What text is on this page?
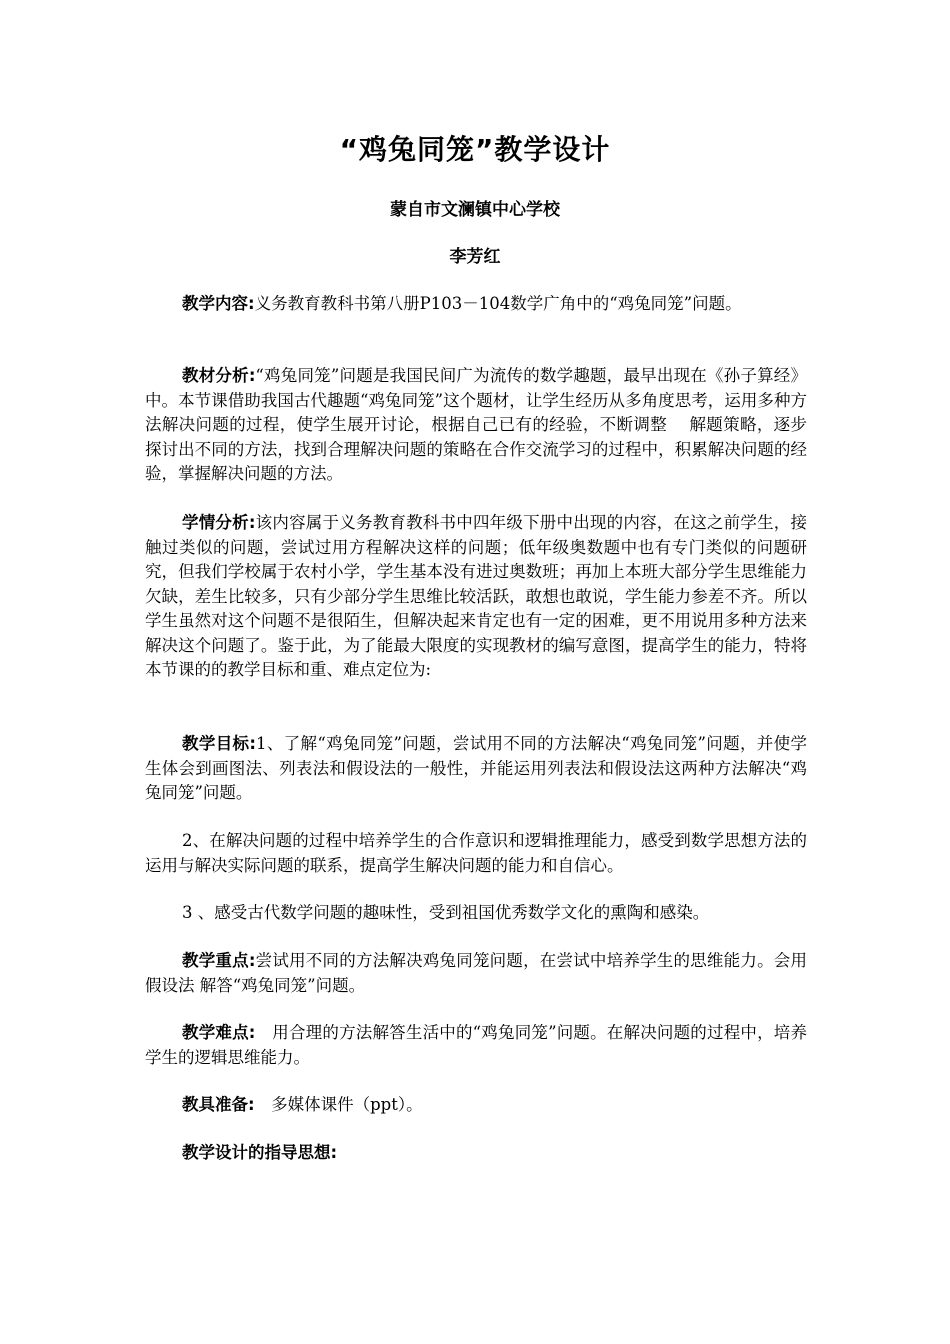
“鸡兔同笼”教学设计
蒙自市文澜镇中心学校
李芳红

教学内容:义务教育教科书第八册P103－104数学广角中的“鸡兔同笼”问题。

教材分析:“鸡兔同笼”问题是我国民间广为流传的数学趣题，最早出现在《孙子算经》中。本节课借助我国古代趣题“鸡兔同笼”这个题材，让学生经历从多角度思考，运用多种方法解决问题的过程，使学生展开讨论，根据自己已有的经验，不断调整　 解题策略，逐步探讨出不同的方法，找到合理解决问题的策略在合作交流学习的过程中，积累解决问题的经验，掌握解决问题的方法。

学情分析:该内容属于义务教育教科书中四年级下册中出现的内容，在这之前学生，接触过类似的问题，尝试过用方程解决这样的问题；低年级奥数题中也有专门类似的问题研究，但我们学校属于农村小学，学生基本没有进过奥数班；再加上本班大部分学生思维能力欠缺，差生比较多，只有少部分学生思维比较活跃，敢想也敢说，学生能力参差不齐。所以学生虽然对这个问题不是很陌生，但解决起来肯定也有一定的困难，更不用说用多种方法来解决这个问题了。鉴于此，为了能最大限度的实现教材的编写意图，提高学生的能力，特将本节课的的教学目标和重、难点定位为:

教学目标:1、了解“鸡兔同笼”问题，尝试用不同的方法解决“鸡兔同笼”问题，并使学生体会到画图法、列表法和假设法的一般性，并能运用列表法和假设法这两种方法解决“鸡兔同笼”问题。

2、在解决问题的过程中培养学生的合作意识和逻辑推理能力，感受到数学思想方法的运用与解决实际问题的联系，提高学生解决问题的能力和自信心。

3 、感受古代数学问题的趣味性，受到祖国优秀数学文化的熏陶和感染。

教学重点:尝试用不同的方法解决鸡兔同笼问题，在尝试中培养学生的思维能力。会用假设法 解答“鸡兔同笼”问题。

教学难点:　用合理的方法解答生活中的“鸡兔同笼”问题。在解决问题的过程中，培养学生的逻辑思维能力。

教具准备:　多媒体课件（ppt）。

教学设计的指导思想:
